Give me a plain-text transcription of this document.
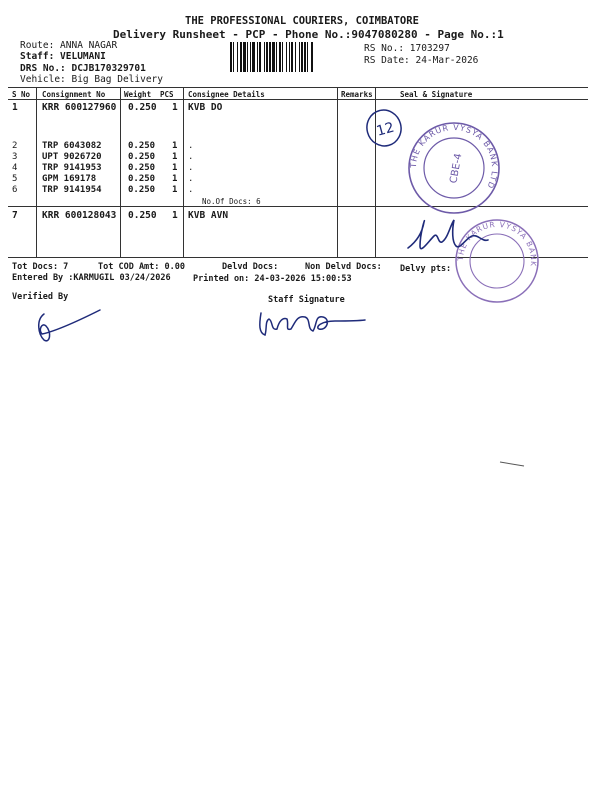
THE PROFESSIONAL COURIERS, COIMBATORE
Delivery Runsheet - PCP - Phone No.:9047080280 - Page No.:1
Route: ANNA NAGAR
Staff: VELUMANI
DRS No.: DCJB170329701
Vehicle: Big Bag Delivery
RS No.: 1703297
RS Date: 24-Mar-2026
S No Consignment No	Weight PCS Consignee Details	Remarks	Seal & Signature
1	KRR 600127960 0.250 1 KVB DO
2	TRP 6043082	0.250 1 .
3	UPT 9026720	0.250 1 .
4	TRP 9141953	0.250 1 .
5	GPM 169178	0.250 1 .
6	TRP 9141954	0.250 1 .
No.Of Docs: 6
7	KRR 600128043 0.250 1 KVB AVN
Tot Docs: 7	Tot COD Amt: 0.00	Delvd Docs:	Non Delvd Docs: Delvy pts:
Entered By :KARMUGIL 03/24/2026	Printed on: 24-03-2026 15:00:53
Verified By	Staff Signature
12
THE KARUR VYSYA BANK LTD
CBE-4
THE KARUR VYSYA BANK
